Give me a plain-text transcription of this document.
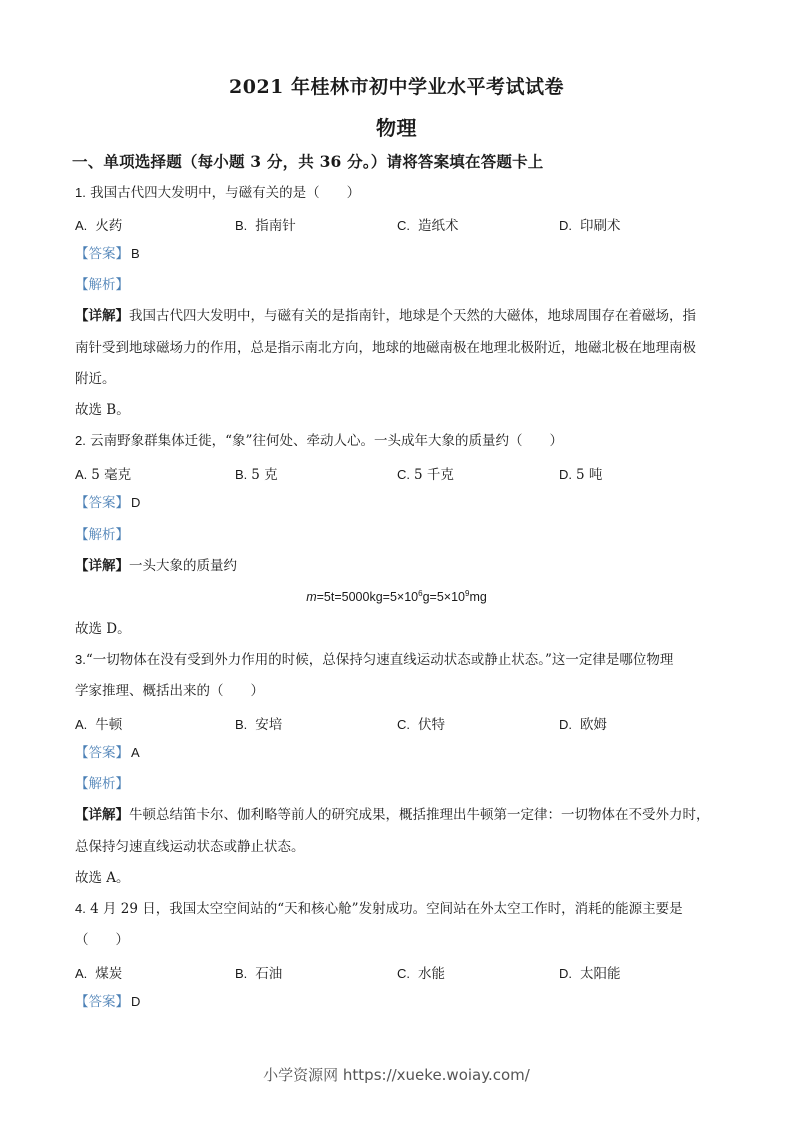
2021 年桂林市初中学业水平考试试卷
物理
一、单项选择题（每小题 3 分，共 36 分。）请将答案填在答题卡上
1. 我国古代四大发明中，与磁有关的是（　　）
A. 火药	B. 指南针	C. 造纸术	D. 印刷术
【答案】 B
【解析】
【详解】我国古代四大发明中，与磁有关的是指南针，地球是个天然的大磁体，地球周围存在着磁场，指
南针受到地球磁场力的作用，总是指示南北方向，地球的地磁南极在地理北极附近，地磁北极在地理南极
附近。
故选 B。
2. 云南野象群集体迁徙，“象”往何处、牵动人心。一头成年大象的质量约（　　）
A. 5 毫克	B. 5 克	C. 5 千克	D. 5 吨
【答案】 D
【解析】
【详解】一头大象的质量约
$m=5t=5000kg=5\times 10^6g=5\times 10^9mg$
故选 D。
3.“一切物体在没有受到外力作用的时候，总保持匀速直线运动状态或静止状态。”这一定律是哪位物理
学家推理、概括出来的（　　）
A. 牛顿	B. 安培	C. 伏特	D. 欧姆
【答案】 A
【解析】
【详解】牛顿总结笛卡尔、伽利略等前人的研究成果，概括推理出牛顿第一定律：一切物体在不受外力时，
总保持匀速直线运动状态或静止状态。
故选 A。
4. 4 月 29 日，我国太空空间站的“天和核心舱”发射成功。空间站在外太空工作时，消耗的能源主要是
（　　）
A. 煤炭	B. 石油	C. 水能	D. 太阳能
【答案】 D
小学资源网 https://xueke.woiay.com/
